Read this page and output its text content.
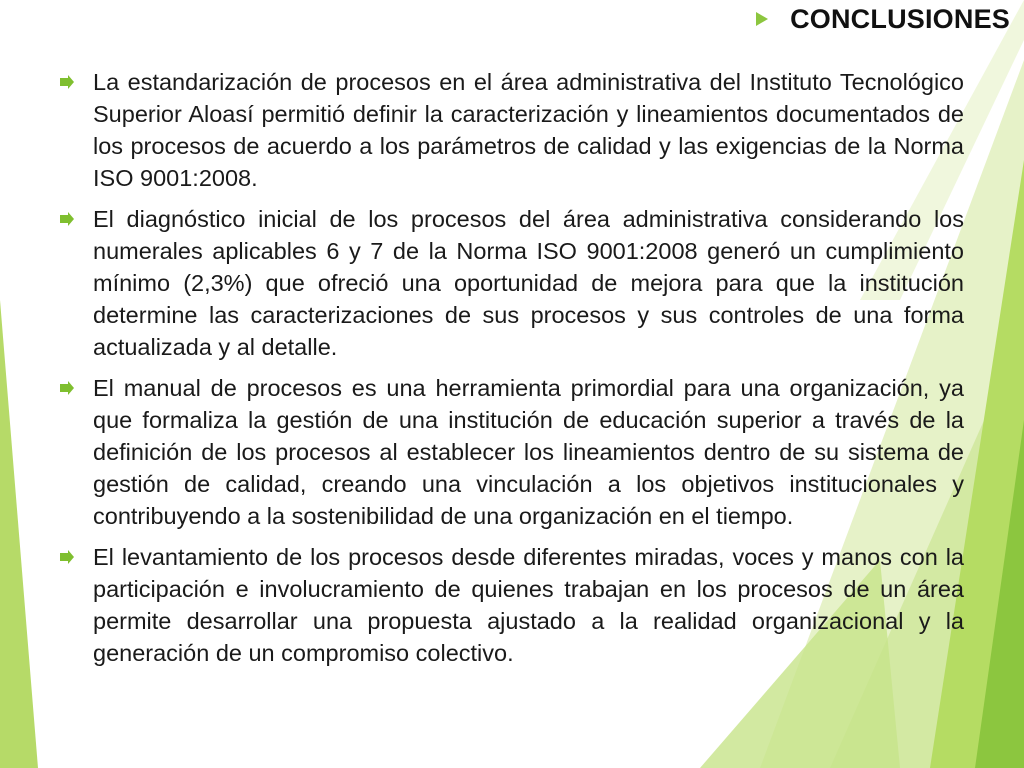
CONCLUSIONES
La estandarización de procesos en el área administrativa del Instituto Tecnológico Superior Aloasí permitió definir la caracterización y lineamientos documentados de los procesos de acuerdo a los parámetros de calidad y las exigencias de la Norma ISO 9001:2008.
El diagnóstico inicial de los procesos del área administrativa considerando los numerales aplicables 6 y 7 de la Norma ISO 9001:2008 generó un cumplimiento mínimo (2,3%) que ofreció una oportunidad de mejora para que la institución determine las caracterizaciones de sus procesos y sus controles de una forma actualizada y al detalle.
El manual de procesos es una herramienta primordial para una organización, ya que formaliza la gestión de una institución de educación superior a través de la definición de los procesos al establecer los lineamientos dentro de su sistema de gestión de calidad, creando una vinculación a los objetivos institucionales y contribuyendo a la sostenibilidad de una organización en el tiempo.
El levantamiento de los procesos desde diferentes miradas, voces y manos con la participación e involucramiento de quienes trabajan en los procesos de un área permite desarrollar una propuesta ajustado a la realidad organizacional y la generación de un compromiso colectivo.
